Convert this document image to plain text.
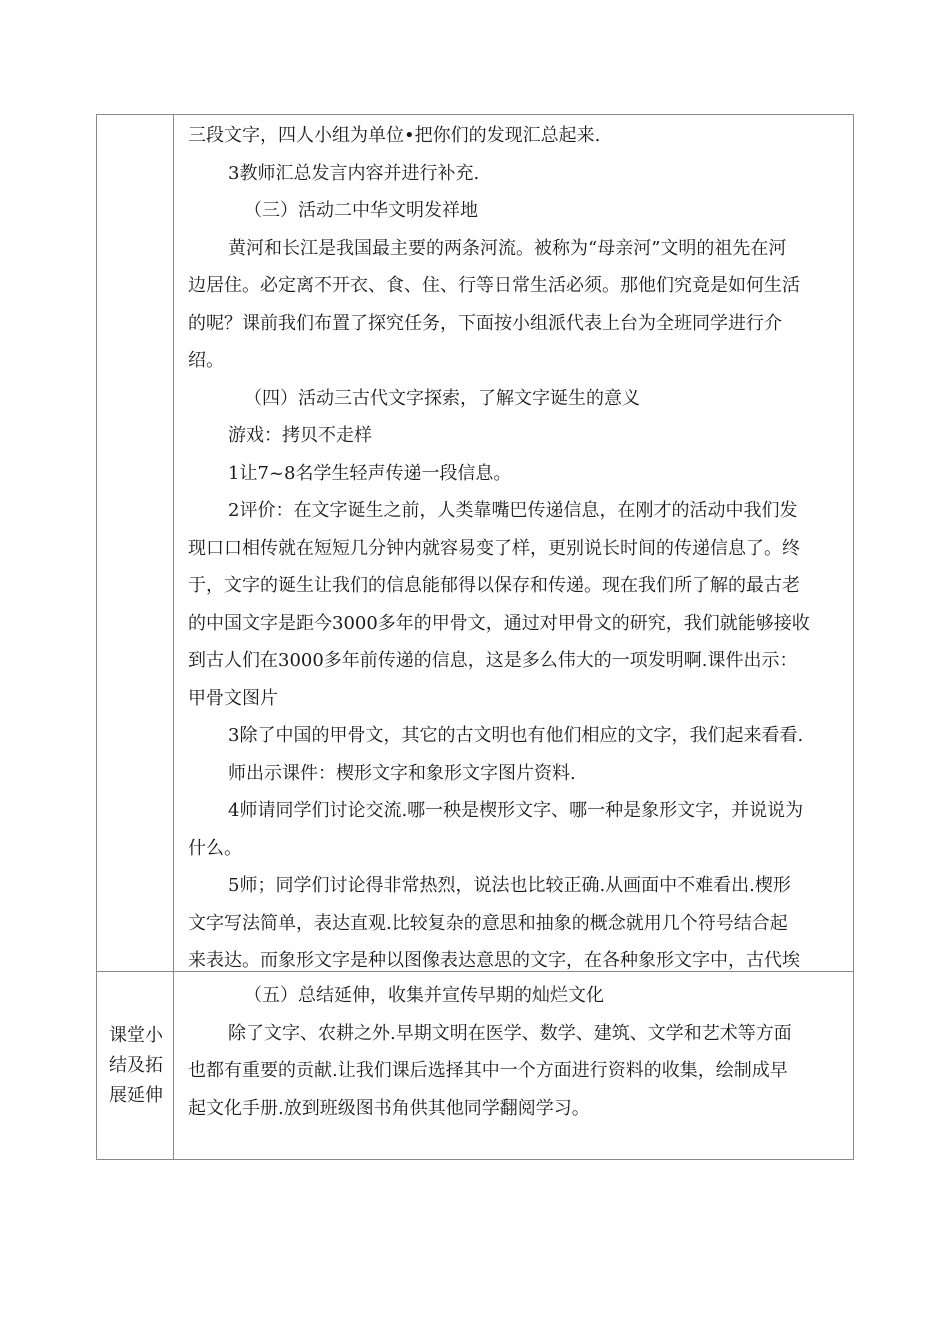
三段文字，四人小组为单位•把你们的发现汇总起来.
3教师汇总发言内容并进行补充.
（三）活动二中华文明发祥地
黄河和长江是我国最主要的两条河流。被称为“母亲河”文明的祖先在河
边居住。必定离不开衣、食、住、行等日常生活必须。那他们究竟是如何生活
的呢？课前我们布置了探究任务，下面按小组派代表上台为全班同学进行介
绍。
（四）活动三古代文字探索，了解文字诞生的意义
游戏：拷贝不走样
1让7~8名学生轻声传递一段信息。
2评价：在文字诞生之前，人类靠嘴巴传递信息，在刚才的活动中我们发
现口口相传就在短短几分钟内就容易变了样，更别说长时间的传递信息了。终
于，文字的诞生让我们的信息能郁得以保存和传递。现在我们所了解的最古老
的中国文字是距今3000多年的甲骨文，通过对甲骨文的研究，我们就能够接收
到古人们在3000多年前传递的信息，这是多么伟大的一项发明啊.课件出示：
甲骨文图片
3除了中国的甲骨文，其它的古文明也有他们相应的文字，我们起来看看.
师出示课件：楔形文字和象形文字图片资料.
4师请同学们讨论交流.哪一秧是楔形文字、哪一种是象形文字，并说说为
什么。
5师；同学们讨论得非常热烈，说法也比较正确.从画面中不难看出.楔形
文字写法简单，表达直观.比较复杂的意思和抽象的概念就用几个符号结合起
来表达。而象形文字是种以图像表达意思的文字，在各种象形文字中，古代埃
课堂小
结及拓
展延伸
（五）总结延伸，收集并宣传早期的灿烂文化
除了文字、农耕之外.早期文明在医学、数学、建筑、文学和艺术等方面
也都有重要的贡献.让我们课后选择其中一个方面进行资料的收集，绘制成早
起文化手册.放到班级图书角供其他同学翻阅学习。
